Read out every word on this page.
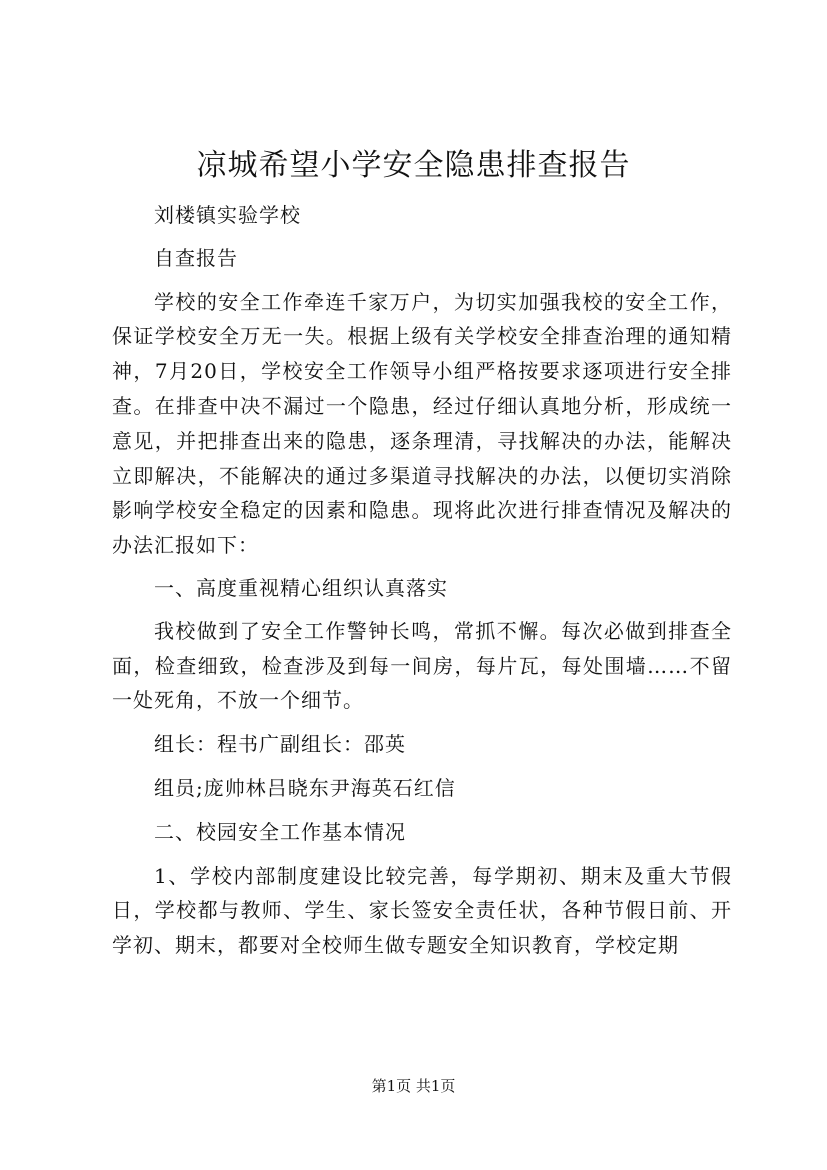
凉城希望小学安全隐患排查报告

刘楼镇实验学校

自查报告

学校的安全工作牵连千家万户，为切实加强我校的安全工作，保证学校安全万无一失。根据上级有关学校安全排查治理的通知精神，7月20日，学校安全工作领导小组严格按要求逐项进行安全排查。在排查中决不漏过一个隐患，经过仔细认真地分析，形成统一意见，并把排查出来的隐患，逐条理清，寻找解决的办法，能解决立即解决，不能解决的通过多渠道寻找解决的办法，以便切实消除影响学校安全稳定的因素和隐患。现将此次进行排查情况及解决的办法汇报如下：

一、高度重视精心组织认真落实

我校做到了安全工作警钟长鸣，常抓不懈。每次必做到排查全面，检查细致，检查涉及到每一间房，每片瓦，每处围墙……不留一处死角，不放一个细节。

组长：程书广副组长：邵英

组员;庞帅林吕晓东尹海英石红信

二、校园安全工作基本情况

1、学校内部制度建设比较完善，每学期初、期末及重大节假日，学校都与教师、学生、家长签安全责任状，各种节假日前、开学初、期末，都要对全校师生做专题安全知识教育，学校定期

第1页 共1页
